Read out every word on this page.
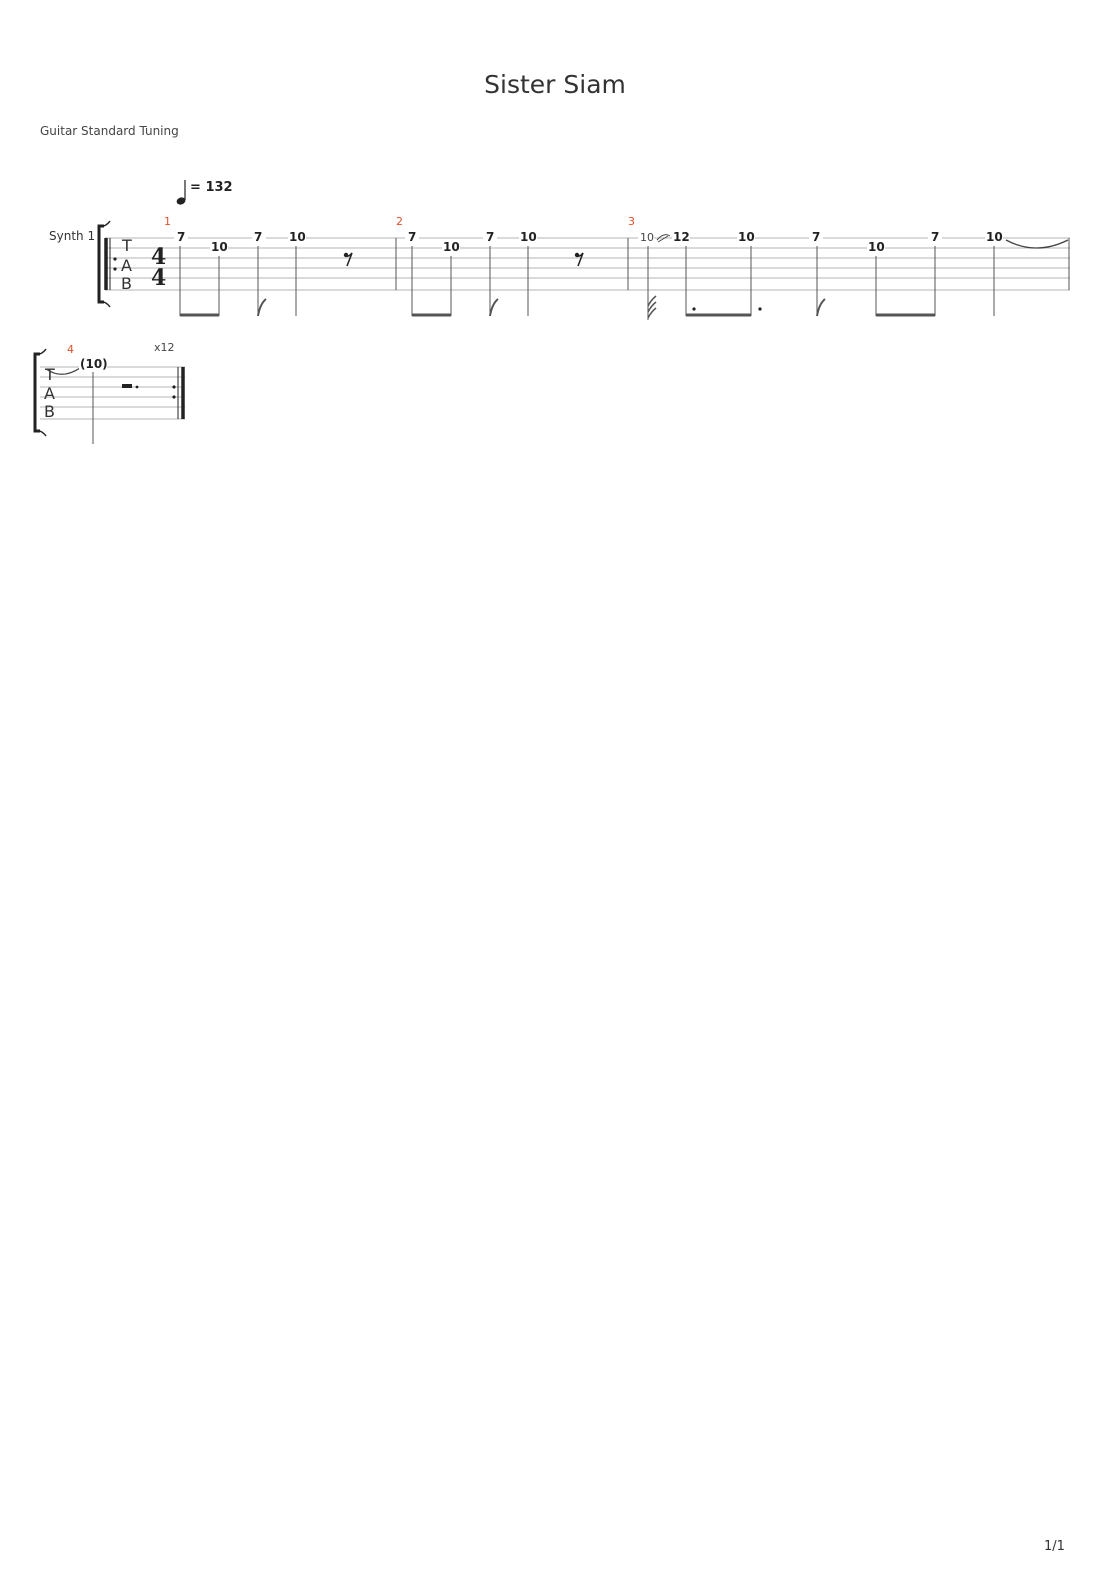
Sister Siam
Guitar Standard Tuning
Synth 1
= 132
1/1
T
A
B
4
4
1	2	3
7
10
7 10	7
10
7 10	10 12	10	7
10
7	10
T
A
B
4	x12
(10)
